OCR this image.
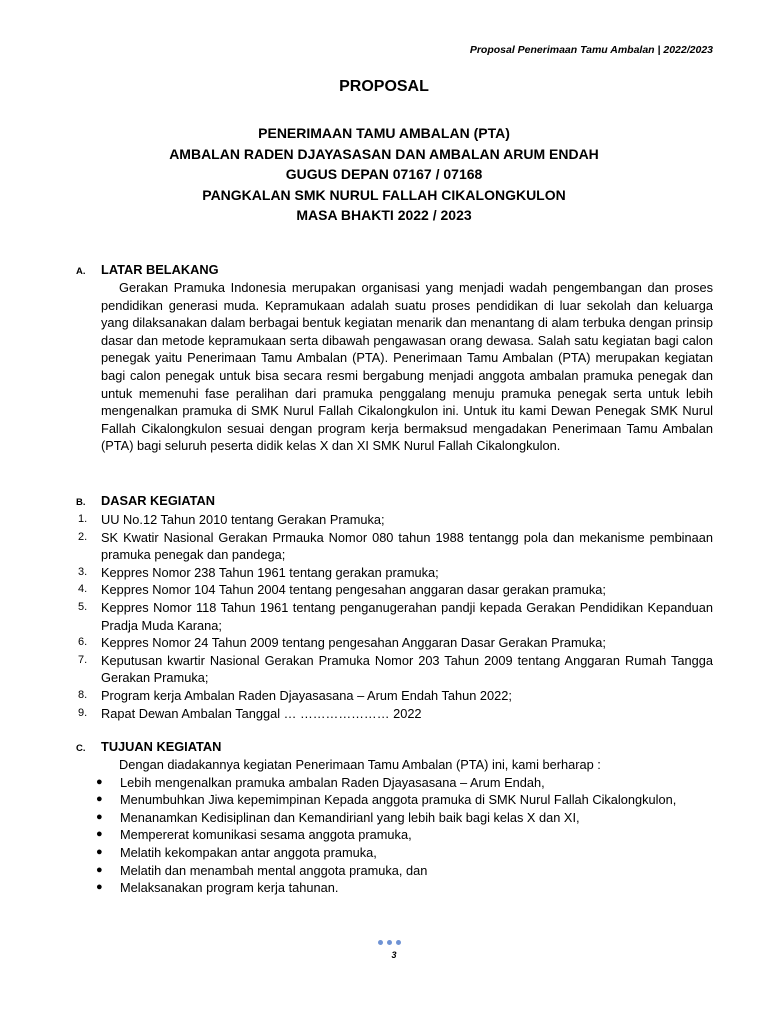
Proposal Penerimaan Tamu Ambalan | 2022/2023
PROPOSAL
PENERIMAAN TAMU AMBALAN (PTA)
AMBALAN RADEN DJAYASASAN DAN AMBALAN ARUM ENDAH
GUGUS DEPAN 07167 / 07168
PANGKALAN SMK NURUL FALLAH CIKALONGKULON
MASA BHAKTI 2022 / 2023
A.	LATAR BELAKANG
Gerakan Pramuka Indonesia merupakan organisasi yang menjadi wadah pengembangan dan proses pendidikan generasi muda. Kepramukaan adalah suatu proses pendidikan di luar sekolah dan keluarga yang dilaksanakan dalam berbagai bentuk kegiatan menarik dan menantang di alam terbuka dengan prinsip dasar dan metode kepramukaan serta dibawah pengawasan orang dewasa. Salah satu kegiatan bagi calon penegak yaitu Penerimaan Tamu Ambalan (PTA). Penerimaan Tamu Ambalan (PTA) merupakan kegiatan bagi calon penegak untuk bisa secara resmi bergabung menjadi anggota ambalan pramuka penegak dan untuk memenuhi fase peralihan dari pramuka penggalang menuju pramuka penegak serta untuk lebih mengenalkan pramuka di SMK Nurul Fallah Cikalongkulon ini. Untuk itu kami Dewan Penegak SMK Nurul Fallah Cikalongkulon sesuai dengan program kerja bermaksud mengadakan Penerimaan Tamu Ambalan (PTA) bagi seluruh peserta didik kelas X dan XI SMK Nurul Fallah Cikalongkulon.
B.	DASAR KEGIATAN
1.	UU No.12 Tahun 2010 tentang Gerakan Pramuka;
2.	SK Kwatir Nasional Gerakan Prmauka Nomor 080 tahun 1988 tentangg pola dan mekanisme pembinaan pramuka penegak dan pandega;
3.	Keppres Nomor 238 Tahun 1961 tentang gerakan pramuka;
4.	Keppres Nomor 104 Tahun 2004 tentang pengesahan anggaran dasar gerakan pramuka;
5.	Keppres Nomor 118 Tahun 1961 tentang penganugerahan pandji kepada Gerakan Pendidikan Kepanduan Pradja Muda Karana;
6.	Keppres Nomor 24 Tahun 2009 tentang pengesahan Anggaran Dasar Gerakan Pramuka;
7.	Keputusan kwartir Nasional Gerakan Pramuka Nomor 203 Tahun 2009 tentang Anggaran Rumah Tangga Gerakan Pramuka;
8.	Program kerja Ambalan Raden Djayasasana – Arum Endah Tahun 2022;
9.	Rapat Dewan Ambalan Tanggal … ………………… 2022
C.	TUJUAN KEGIATAN
Dengan diadakannya kegiatan Penerimaan Tamu Ambalan (PTA) ini, kami berharap :
●	Lebih mengenalkan pramuka ambalan Raden Djayasasana – Arum Endah,
●	Menumbuhkan Jiwa kepemimpinan Kepada anggota pramuka di SMK Nurul Fallah Cikalongkulon,
●	Menanamkan Kedisiplinan dan Kemandirianl yang lebih baik bagi kelas X dan XI,
●	Mempererat komunikasi sesama anggota pramuka,
●	Melatih kekompakan antar anggota pramuka,
●	Melatih dan menambah mental anggota pramuka, dan
●	Melaksanakan program kerja tahunan.
3
